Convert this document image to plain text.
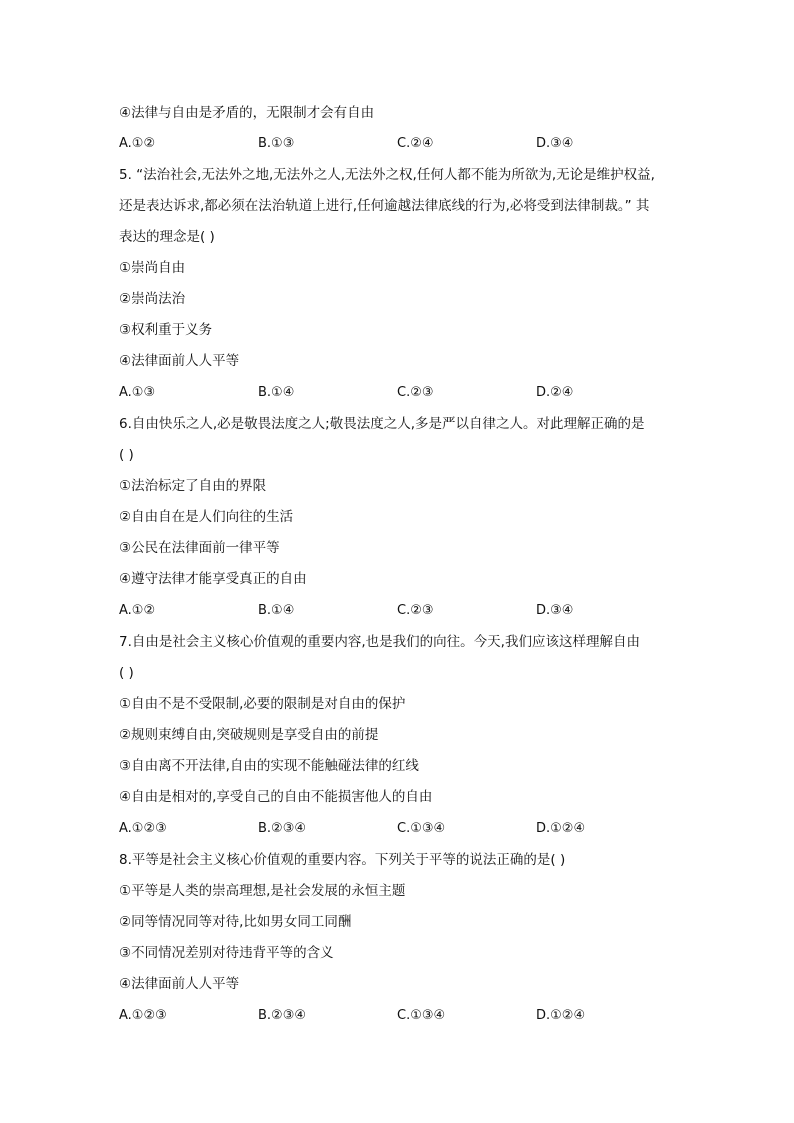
④法律与自由是矛盾的，无限制才会有自由
A.①②	B.①③	C.②④	D.③④
5. “法治社会,无法外之地,无法外之人,无法外之权,任何人都不能为所欲为,无论是维护权益,
还是表达诉求,都必须在法治轨道上进行,任何逾越法律底线的行为,必将受到法律制裁。” 其
表达的理念是( )
①崇尚自由
②崇尚法治
③权利重于义务
④法律面前人人平等
A.①③	B.①④	C.②③	D.②④
6.自由快乐之人,必是敬畏法度之人;敬畏法度之人,多是严以自律之人。对此理解正确的是
( )
①法治标定了自由的界限
②自由自在是人们向往的生活
③公民在法律面前一律平等
④遵守法律才能享受真正的自由
A.①②	B.①④	C.②③	D.③④
7.自由是社会主义核心价值观的重要内容,也是我们的向往。今天,我们应该这样理解自由
( )
①自由不是不受限制,必要的限制是对自由的保护
②规则束缚自由,突破规则是享受自由的前提
③自由离不开法律,自由的实现不能触碰法律的红线
④自由是相对的,享受自己的自由不能损害他人的自由
A.①②③	B.②③④	C.①③④	D.①②④
8.平等是社会主义核心价值观的重要内容。下列关于平等的说法正确的是( )
①平等是人类的崇高理想,是社会发展的永恒主题
②同等情况同等对待,比如男女同工同酬
③不同情况差别对待违背平等的含义
④法律面前人人平等
A.①②③	B.②③④	C.①③④	D.①②④
